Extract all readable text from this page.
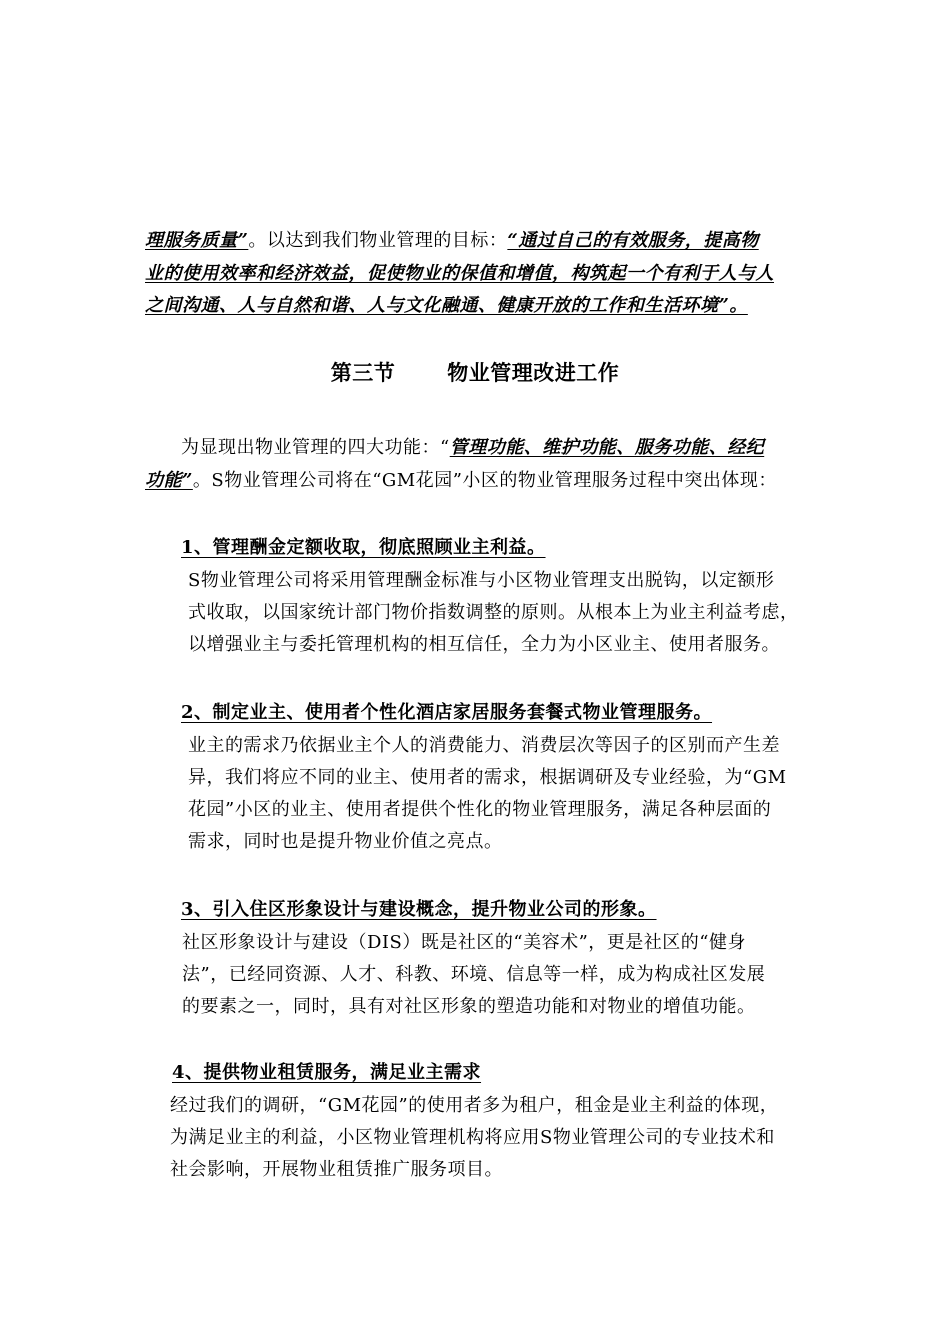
理服务质量”。以达到我们物业管理的目标：“通过自己的有效服务，提高物
业的使用效率和经济效益，促使物业的保值和增值，构筑起一个有利于人与人
之间沟通、人与自然和谐、人与文化融通、健康开放的工作和生活环境”。
第三节 物业管理改进工作
为显现出物业管理的四大功能：“管理功能、维护功能、服务功能、经纪
功能”。S物业管理公司将在“GM花园”小区的物业管理服务过程中突出体现：
1、管理酬金定额收取，彻底照顾业主利益。
S物业管理公司将采用管理酬金标准与小区物业管理支出脱钩，以定额形
式收取，以国家统计部门物价指数调整的原则。从根本上为业主利益考虑，
以增强业主与委托管理机构的相互信任，全力为小区业主、使用者服务。
2、制定业主、使用者个性化酒店家居服务套餐式物业管理服务。
业主的需求乃依据业主个人的消费能力、消费层次等因子的区别而产生差
异，我们将应不同的业主、使用者的需求，根据调研及专业经验，为“GM
花园”小区的业主、使用者提供个性化的物业管理服务，满足各种层面的
需求，同时也是提升物业价值之亮点。
3、引入住区形象设计与建设概念，提升物业公司的形象。
社区形象设计与建设（DIS）既是社区的“美容术”，更是社区的“健身
法”，已经同资源、人才、科教、环境、信息等一样，成为构成社区发展
的要素之一，同时，具有对社区形象的塑造功能和对物业的增值功能。
4、提供物业租赁服务，满足业主需求
经过我们的调研，“GM花园”的使用者多为租户，租金是业主利益的体现，
为满足业主的利益，小区物业管理机构将应用S物业管理公司的专业技术和
社会影响，开展物业租赁推广服务项目。
